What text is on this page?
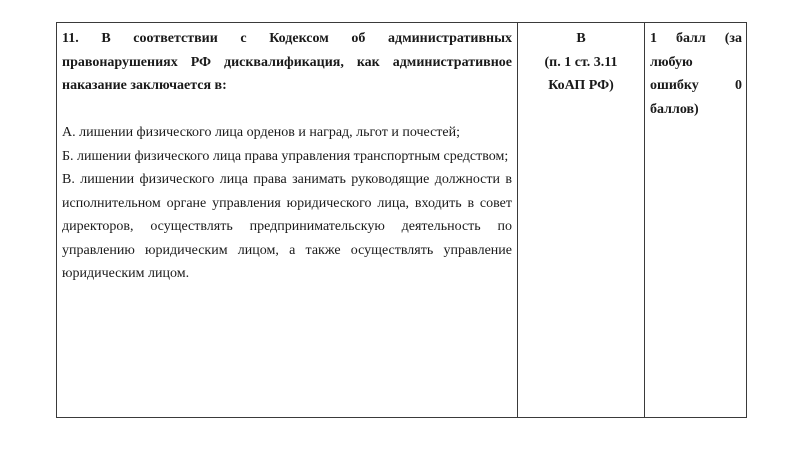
11. В соответствии с Кодексом об административных правонарушениях РФ дисквалификация, как административное наказание заключается в:

А. лишении физического лица орденов и наград, льгот и почестей;

Б. лишении физического лица права управления транспортным средством;

В. лишении физического лица права занимать руководящие должности в исполнительном органе управления юридического лица, входить в совет директоров, осуществлять предпринимательскую деятельность по управлению юридическим лицом, а также осуществлять управление юридическим лицом.

В
(п. 1 ст. 3.11
КоАП РФ)

1 балл (за любую ошибку 0 баллов)
